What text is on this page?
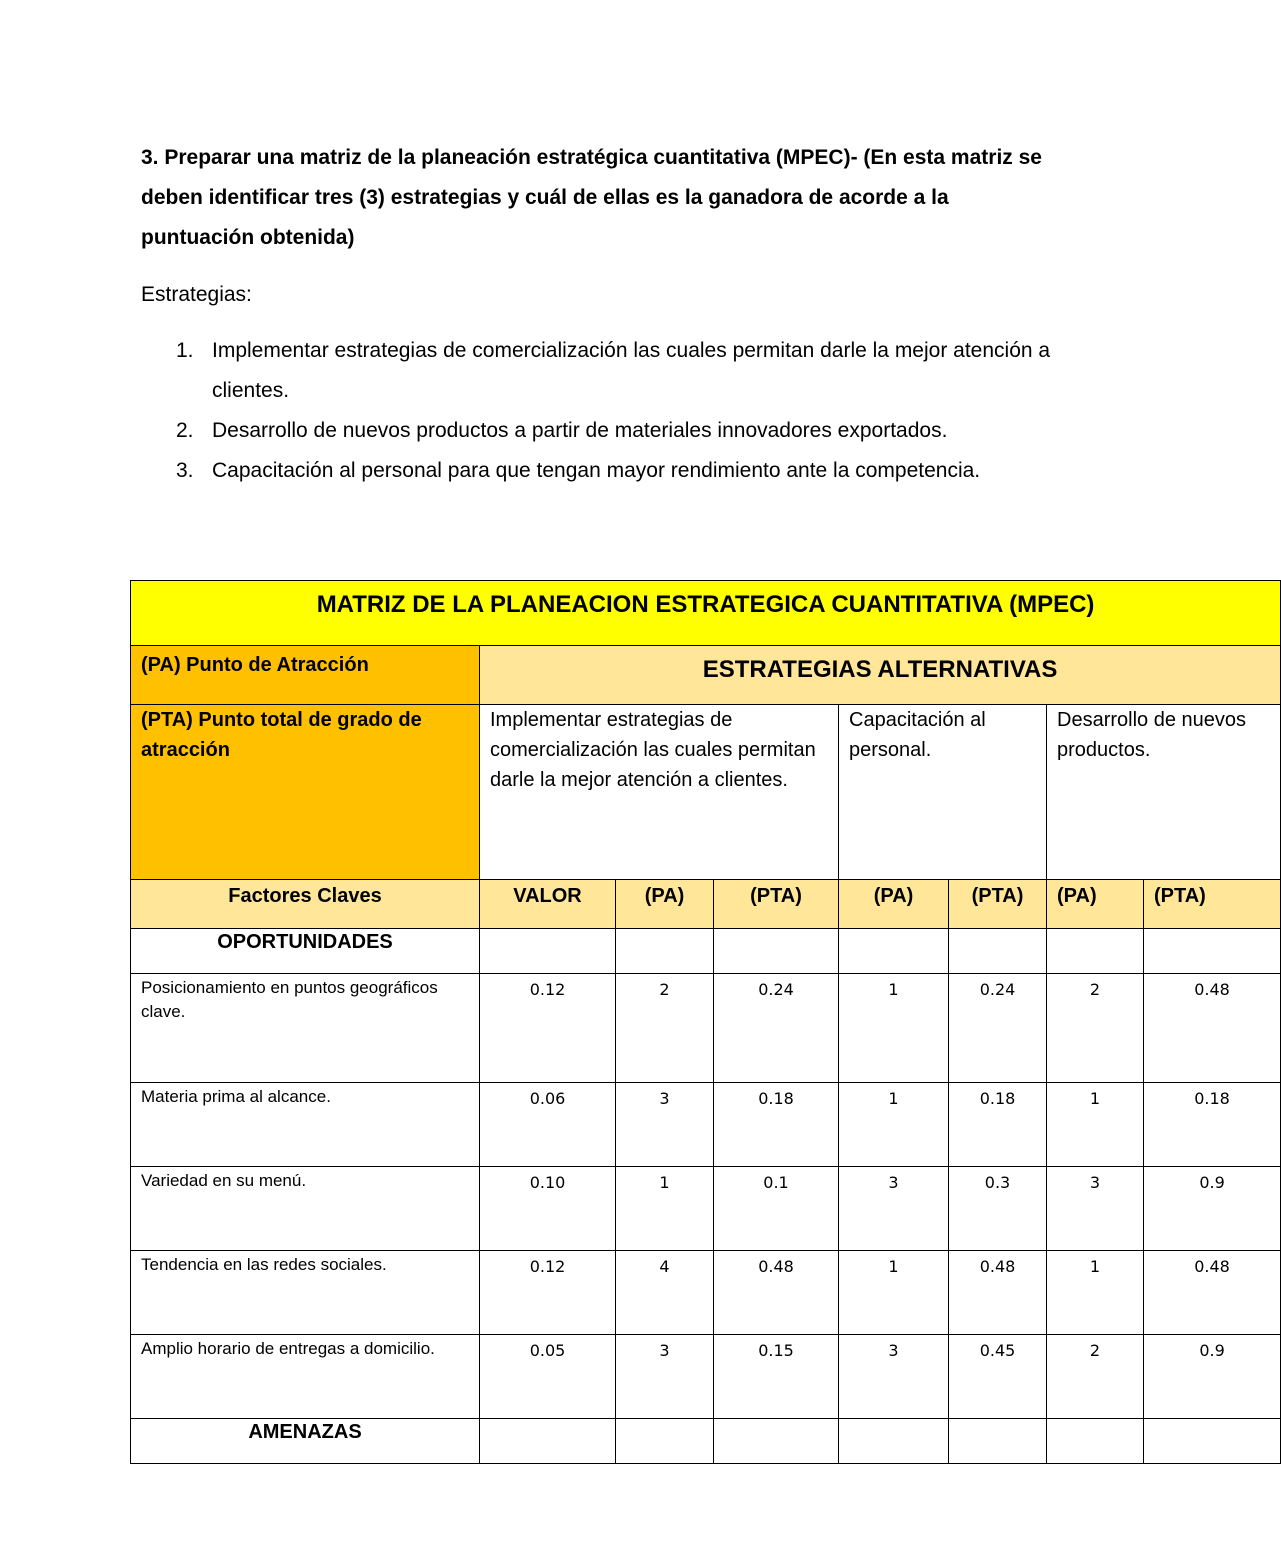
3. Preparar una matriz de la planeación estratégica cuantitativa (MPEC)- (En esta matriz se deben identificar tres (3) estrategias y cuál de ellas es la ganadora de acorde a la puntuación obtenida)
Estrategias:
1. Implementar estrategias de comercialización las cuales permitan darle la mejor atención a clientes.
2. Desarrollo de nuevos productos a partir de materiales innovadores exportados.
3. Capacitación al personal para que tengan mayor rendimiento ante la competencia.
MATRIZ DE LA PLANEACION ESTRATEGICA CUANTITATIVA (MPEC)							
(PA) Punto de Atracción	ESTRATEGIAS ALTERNATIVAS						
(PTA) Punto total de grado de atracción	Implementar estrategias de comercialización las cuales permitan darle la mejor atención a clientes.			Capacitación al personal.		Desarrollo de nuevos productos.	
Factores Claves	VALOR	(PA)	(PTA)	(PA)	(PTA)	(PA)	(PTA)
OPORTUNIDADES							
Posicionamiento en puntos geográficos clave.	0.12	2	0.24	1	0.24	2	0.48
Materia prima al alcance.	0.06	3	0.18	1	0.18	1	0.18
Variedad en su menú.	0.10	1	0.1	3	0.3	3	0.9
Tendencia en las redes sociales.	0.12	4	0.48	1	0.48	1	0.48
Amplio horario de entregas a domicilio.	0.05	3	0.15	3	0.45	2	0.9
AMENAZAS							
